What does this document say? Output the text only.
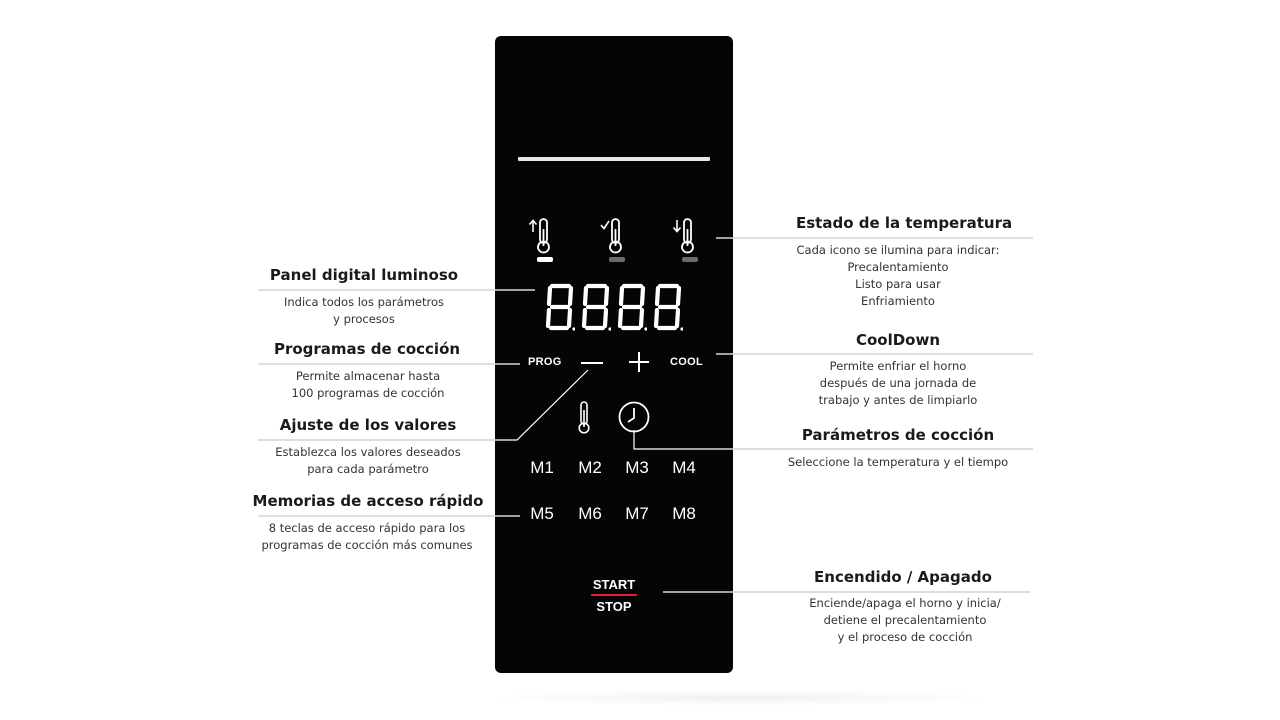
PROG	COOL
M1	M2	M3	M4
M5	M6	M7	M8
START
STOP
Estado de la temperatura
Cada icono se ilumina para indicar:
Precalentamiento
Listo para usar
Enfriamiento
CoolDown
Permite enfriar el horno
después de una jornada de
trabajo y antes de limpiarlo
Parámetros de cocción
Seleccione la temperatura y el tiempo
Encendido / Apagado
Enciende/apaga el horno y inicia/
detiene el precalentamiento
y el proceso de cocción
Panel digital luminoso
Indica todos los parámetros
y procesos
Programas de cocción
Permite almacenar hasta
100 programas de cocción
Ajuste de los valores
Establezca los valores deseados
para cada parámetro
Memorias de acceso rápido
8 teclas de acceso rápido para los
programas de cocción más comunes
